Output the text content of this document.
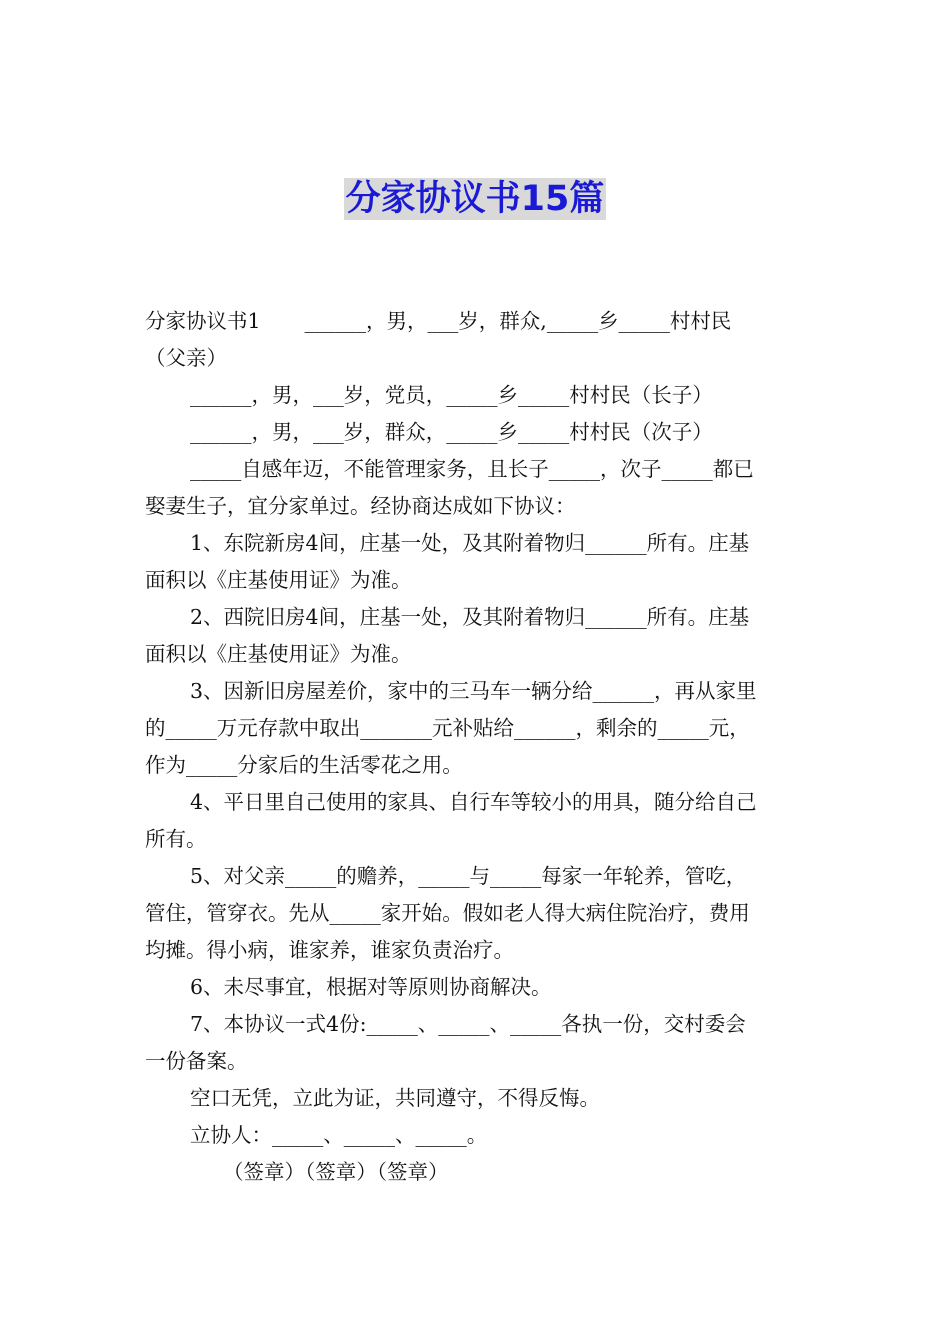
分家协议书15篇

分家协议书1 ______，男，___岁，群众,_____乡_____村村民

（父亲）

______，男，___岁，党员，_____乡_____村村民（长子）

______，男，___岁，群众，_____乡_____村村民（次子）

_____自感年迈，不能管理家务，且长子_____，次子_____都已

娶妻生子，宜分家单过。经协商达成如下协议：

1、东院新房4间，庄基一处，及其附着物归______所有。庄基

面积以《庄基使用证》为准。

2、西院旧房4间，庄基一处，及其附着物归______所有。庄基

面积以《庄基使用证》为准。

3、因新旧房屋差价，家中的三马车一辆分给______，再从家里

的_____万元存款中取出_______元补贴给______，剩余的_____元，

作为_____分家后的生活零花之用。

4、平日里自己使用的家具、自行车等较小的用具，随分给自己

所有。

5、对父亲_____的赡养，_____与_____每家一年轮养，管吃，

管住，管穿衣。先从_____家开始。假如老人得大病住院治疗，费用

均摊。得小病，谁家养，谁家负责治疗。

6、未尽事宜，根据对等原则协商解决。

7、本协议一式4份:_____、_____、_____各执一份，交村委会

一份备案。

空口无凭，立此为证，共同遵守，不得反悔。

立协人：_____、_____、_____。

（签章）（签章）（签章）
